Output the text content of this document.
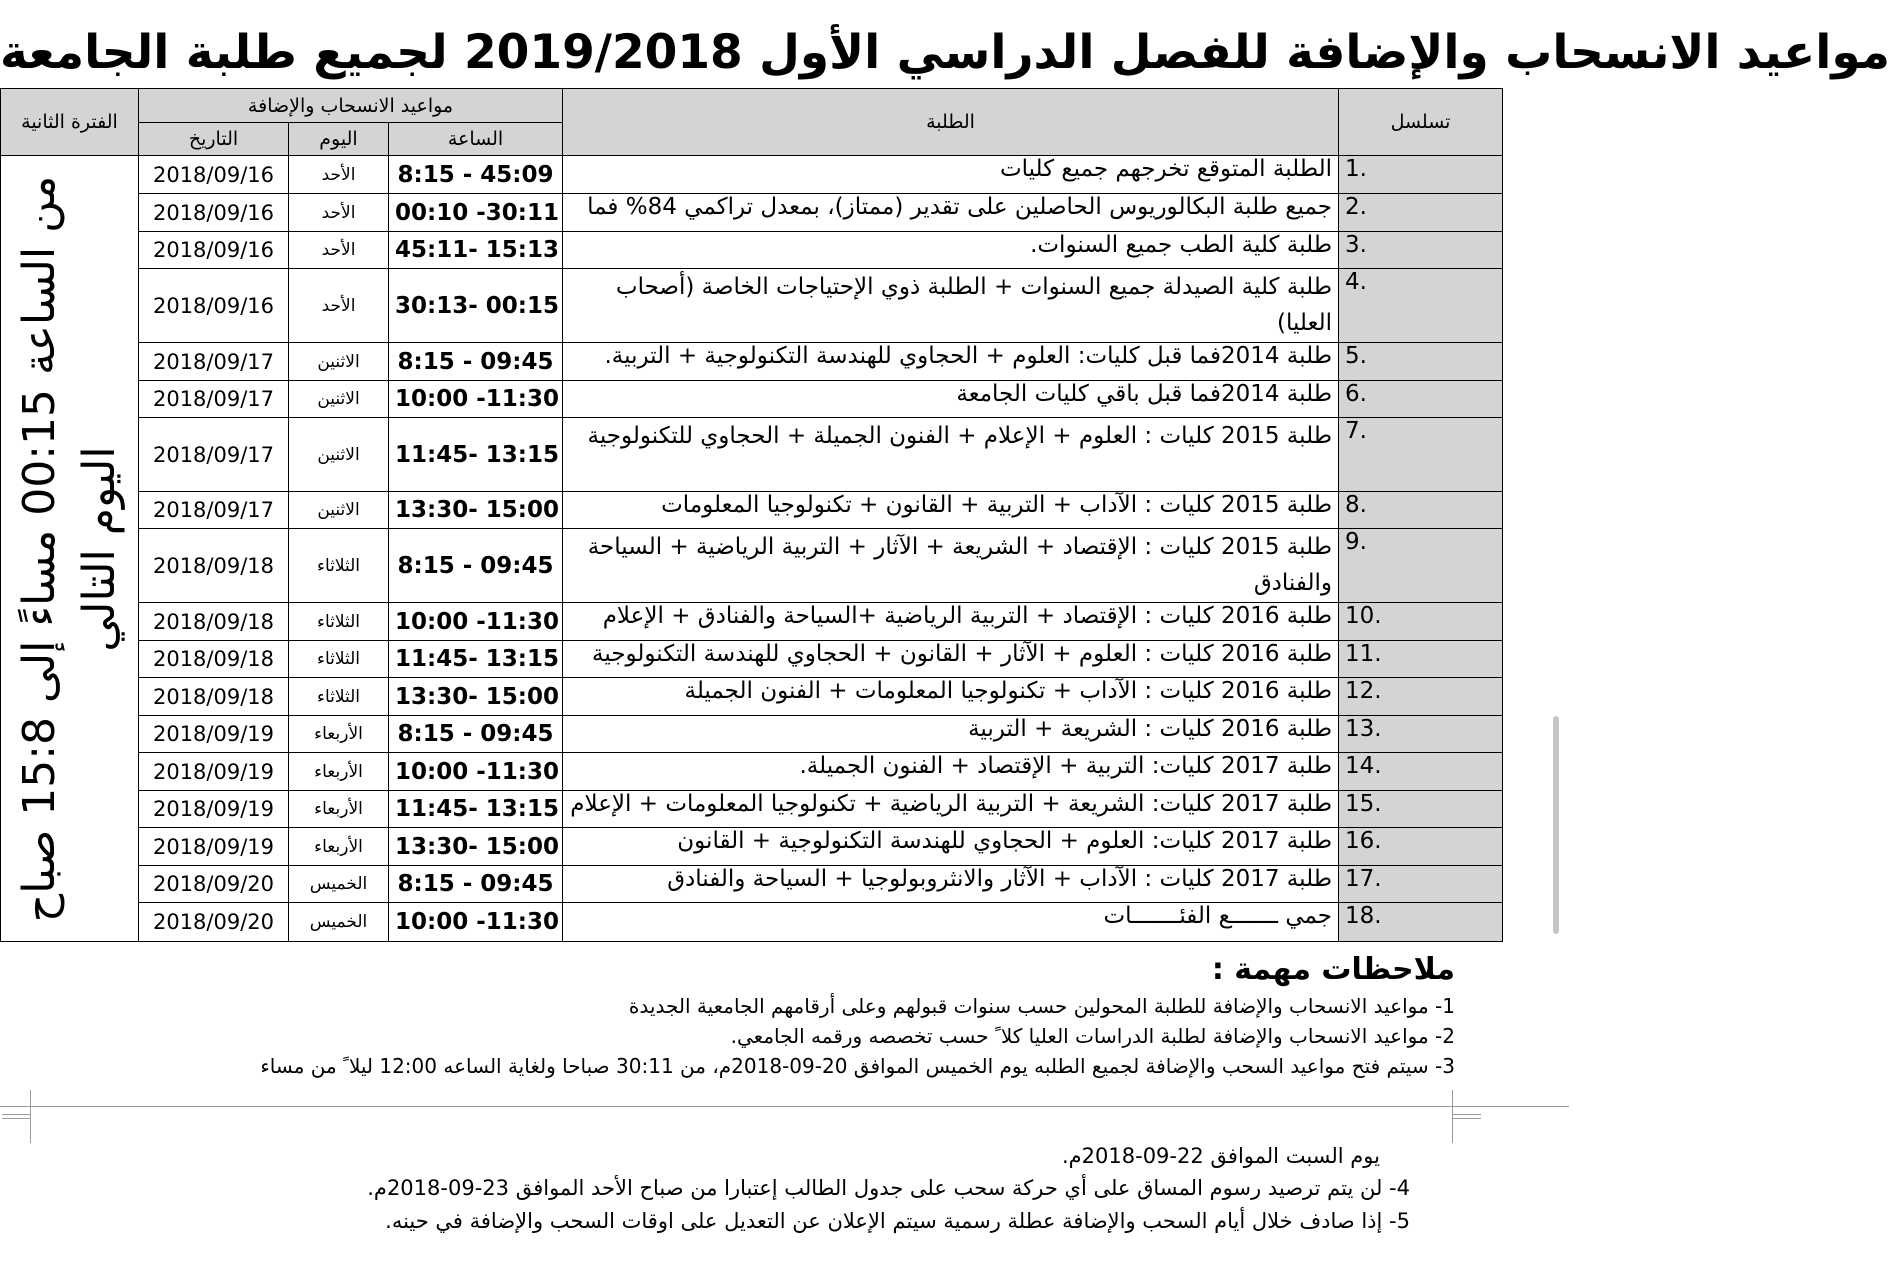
مواعيد الانسحاب والإضافة للفصل الدراسي الأول 2019/2018 لجميع طلبة الجامعة
الفترة الثانية	مواعيد الانسحاب والإضافة			الطلبة	تسلسل
	التاريخ	اليوم	الساعة		

من الساعة 00:15 مساءً إلى 15:8 صباح
اليوم التالي	2018/09/16	الأحد	8:15 - 45:09	الطلبة المتوقع تخرجهم جميع كليات	1.
	2018/09/16	الأحد	00:10 -30:11	جميع طلبة البكالوريوس الحاصلين على تقدير (ممتاز)، بمعدل تراكمي 84% فما	2.
	2018/09/16	الأحد	45:11- 15:13	طلبة كلية الطب جميع السنوات.	3.
	2018/09/16	الأحد	30:13- 00:15	طلبة كلية الصيدلة جميع السنوات + الطلبة ذوي الإحتياجات الخاصة (أصحاب العليا)	4.
	2018/09/17	الاثنين	8:15 - 09:45	طلبة 2014فما قبل كليات: العلوم + الحجاوي للهندسة التكنولوجية + التربية.	5.
	2018/09/17	الاثنين	10:00 -11:30	طلبة 2014فما قبل باقي كليات الجامعة	6.
	2018/09/17	الاثنين	11:45- 13:15	طلبة 2015 كليات : العلوم + الإعلام + الفنون الجميلة + الحجاوي للتكنولوجية	7.
	2018/09/17	الاثنين	13:30- 15:00	طلبة 2015 كليات : الآداب + التربية + القانون + تكنولوجيا المعلومات	8.
	2018/09/18	الثلاثاء	8:15 - 09:45	طلبة 2015 كليات : الإقتصاد + الشريعة + الآثار + التربية الرياضية + السياحة والفنادق	9.
	2018/09/18	الثلاثاء	10:00 -11:30	طلبة 2016 كليات : الإقتصاد + التربية الرياضية +السياحة والفنادق + الإعلام	10.
	2018/09/18	الثلاثاء	11:45- 13:15	طلبة 2016 كليات : العلوم + الآثار + القانون + الحجاوي للهندسة التكنولوجية	11.
	2018/09/18	الثلاثاء	13:30- 15:00	طلبة 2016 كليات : الآداب + تكنولوجيا المعلومات + الفنون الجميلة	12.
	2018/09/19	الأربعاء	8:15 - 09:45	طلبة 2016 كليات : الشريعة + التربية	13.
	2018/09/19	الأربعاء	10:00 -11:30	طلبة 2017 كليات: التربية + الإقتصاد + الفنون الجميلة.	14.
	2018/09/19	الأربعاء	11:45- 13:15	طلبة 2017 كليات: الشريعة + التربية الرياضية + تكنولوجيا المعلومات + الإعلام	15.
	2018/09/19	الأربعاء	13:30- 15:00	طلبة 2017 كليات: العلوم + الحجاوي للهندسة التكنولوجية + القانون	16.
	2018/09/20	الخميس	8:15 - 09:45	طلبة 2017 كليات : الآداب + الآثار والانثروبولوجيا + السياحة والفنادق	17.
	2018/09/20	الخميس	10:00 -11:30	جمي ـــــــع الفئـــــــات	18.
ملاحظات مهمة :
1- مواعيد الانسحاب والإضافة للطلبة المحولين حسب سنوات قبولهم وعلى أرقامهم الجامعية الجديدة
2- مواعيد الانسحاب والإضافة لطلبة الدراسات العليا كلا ً حسب تخصصه ورقمه الجامعي.
3- سيتم فتح مواعيد السحب والإضافة لجميع الطلبه يوم الخميس الموافق 20-09-2018م، من 30:11 صباحا ولغاية الساعه 12:00 ليلا ً من مساء
يوم السبت الموافق 22-09-2018م.
4- لن يتم ترصيد رسوم المساق على أي حركة سحب على جدول الطالب إعتبارا من صباح الأحد الموافق 23-09-2018م.
5- إذا صادف خلال أيام السحب والإضافة عطلة رسمية سيتم الإعلان عن التعديل على اوقات السحب والإضافة في حينه.
